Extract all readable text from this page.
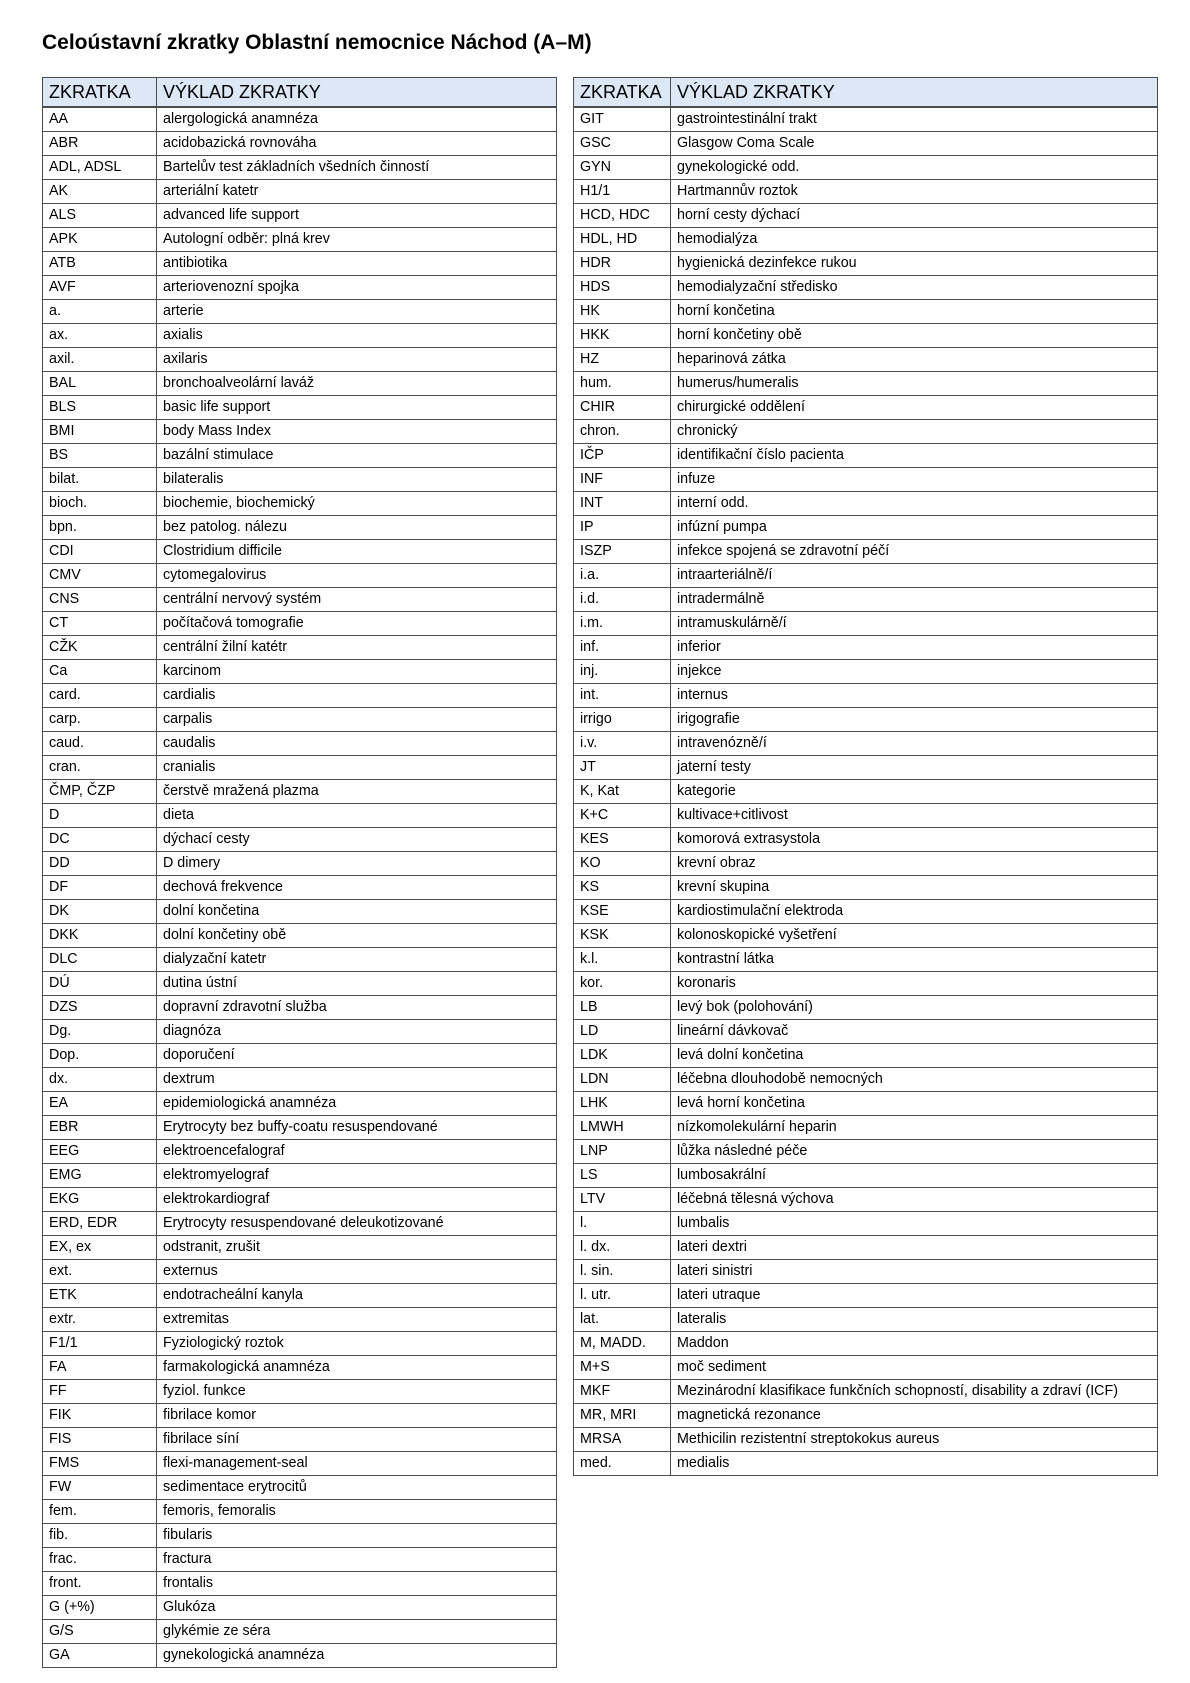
Celoústavní zkratky Oblastní nemocnice Náchod (A–M)
ZKRATKA	VÝKLAD ZKRATKY
AA	alergologická anamnéza
ABR	acidobazická rovnováha
ADL, ADSL	Bartelův test základních všedních činností
AK	arteriální katetr
ALS	advanced life support
APK	Autologní odběr: plná krev
ATB	antibiotika
AVF	arteriovenozní spojka
a.	arterie
ax.	axialis
axil.	axilaris
BAL	bronchoalveolární laváž
BLS	basic life support
BMI	body Mass Index
BS	bazální stimulace
bilat.	bilateralis
bioch.	biochemie, biochemický
bpn.	bez patolog. nálezu
CDI	Clostridium difficile
CMV	cytomegalovirus
CNS	centrální nervový systém
CT	počítačová tomografie
CŽK	centrální žilní katétr
Ca	karcinom
card.	cardialis
carp.	carpalis
caud.	caudalis
cran.	cranialis
ČMP, ČZP	čerstvě mražená plazma
D	dieta
DC	dýchací cesty
DD	D dimery
DF	dechová frekvence
DK	dolní končetina
DKK	dolní končetiny obě
DLC	dialyzační katetr
DÚ	dutina ústní
DZS	dopravní zdravotní služba
Dg.	diagnóza
Dop.	doporučení
dx.	dextrum
EA	epidemiologická anamnéza
EBR	Erytrocyty bez buffy-coatu resuspendované
EEG	elektroencefalograf
EMG	elektromyelograf
EKG	elektrokardiograf
ERD, EDR	Erytrocyty resuspendované deleukotizované
EX, ex	odstranit, zrušit
ext.	externus
ETK	endotracheální kanyla
extr.	extremitas
F1/1	Fyziologický roztok
FA	farmakologická anamnéza
FF	fyziol. funkce
FIK	fibrilace komor
FIS	fibrilace síní
FMS	flexi-management-seal
FW	sedimentace erytrocitů
fem.	femoris, femoralis
fib.	fibularis
frac.	fractura
front.	frontalis
G (+%)	Glukóza
G/S	glykémie ze séra
GA	gynekologická anamnéza
ZKRATKA	VÝKLAD ZKRATKY
GIT	gastrointestinální trakt
GSC	Glasgow Coma Scale
GYN	gynekologické odd.
H1/1	Hartmannův roztok
HCD, HDC	horní cesty dýchací
HDL, HD	hemodialýza
HDR	hygienická dezinfekce rukou
HDS	hemodialyzační středisko
HK	horní končetina
HKK	horní končetiny obě
HZ	heparinová zátka
hum.	humerus/humeralis
CHIR	chirurgické oddělení
chron.	chronický
IČP	identifikační číslo pacienta
INF	infuze
INT	interní odd.
IP	infúzní pumpa
ISZP	infekce spojená se zdravotní péčí
i.a.	intraarteriálně/í
i.d.	intradermálně
i.m.	intramuskulárně/í
inf.	inferior
inj.	injekce
int.	internus
irrigo	irigografie
i.v.	intravenózně/í
JT	jaterní testy
K, Kat	kategorie
K+C	kultivace+citlivost
KES	komorová extrasystola
KO	krevní obraz
KS	krevní skupina
KSE	kardiostimulační elektroda
KSK	kolonoskopické vyšetření
k.l.	kontrastní látka
kor.	koronaris
LB	levý bok (polohování)
LD	lineární dávkovač
LDK	levá dolní končetina
LDN	léčebna dlouhodobě nemocných
LHK	levá horní končetina
LMWH	nízkomolekulární heparin
LNP	lůžka následné péče
LS	lumbosakrální
LTV	léčebná tělesná výchova
l.	lumbalis
l. dx.	lateri dextri
l. sin.	lateri sinistri
l. utr.	lateri utraque
lat.	lateralis
M, MADD.	Maddon
M+S	moč sediment
MKF	Mezinárodní klasifikace funkčních schopností, disability a zdraví (ICF)
MR, MRI	magnetická rezonance
MRSA	Methicilin rezistentní streptokokus aureus
med.	medialis
